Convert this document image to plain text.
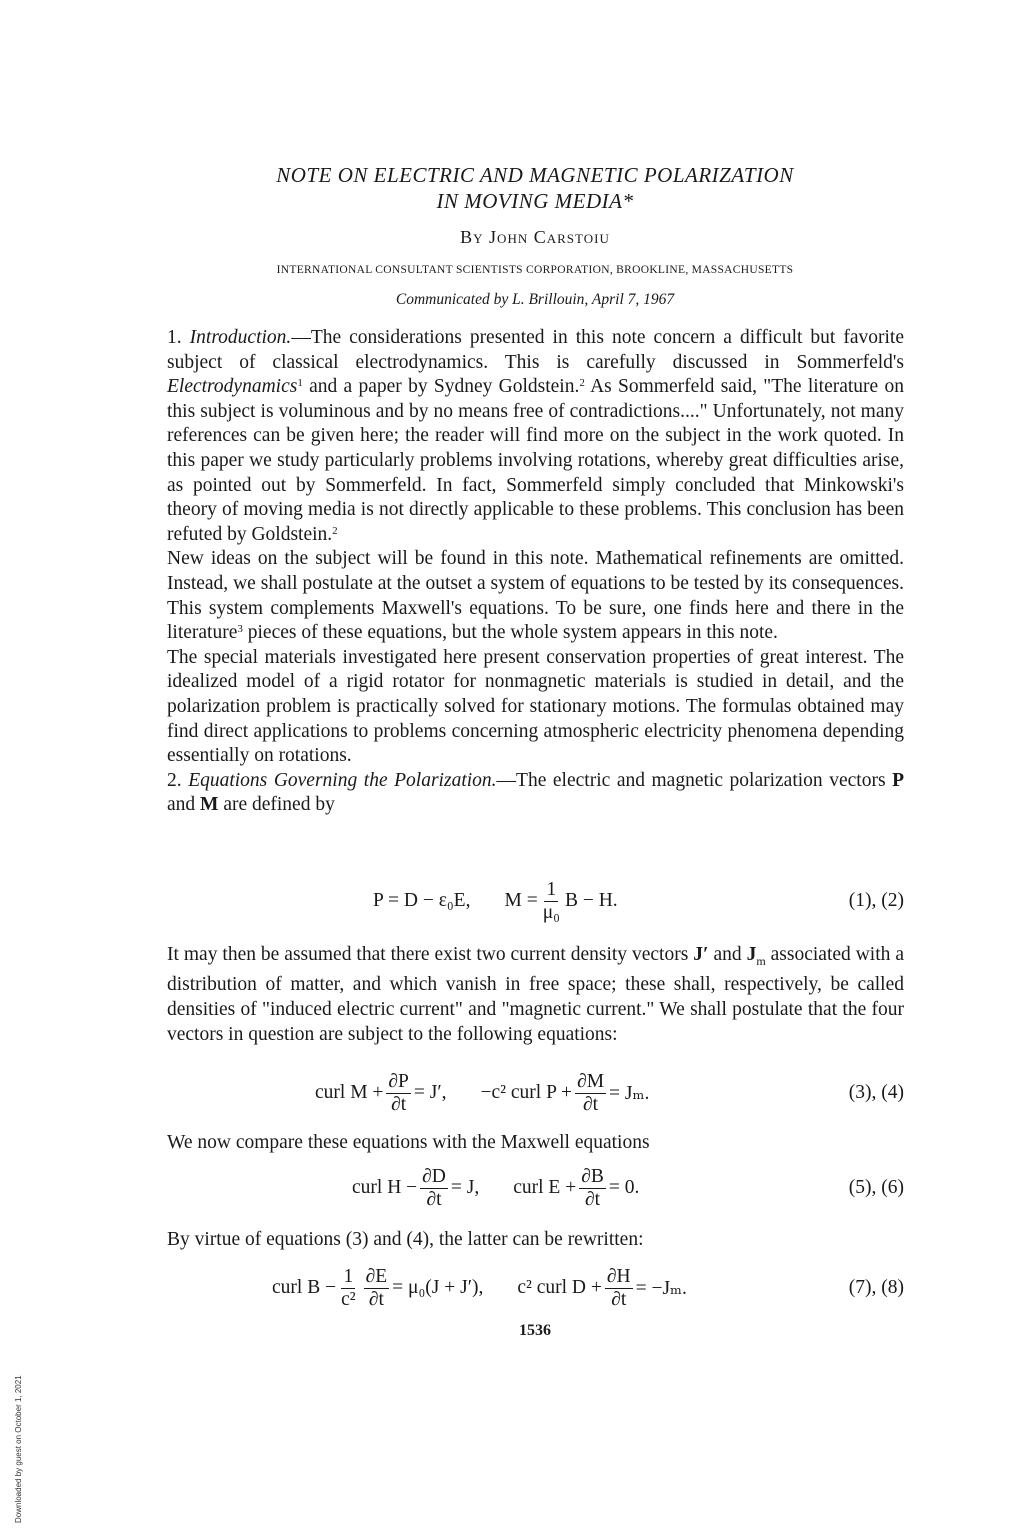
NOTE ON ELECTRIC AND MAGNETIC POLARIZATION
IN MOVING MEDIA*
By John Carstoiu
INTERNATIONAL CONSULTANT SCIENTISTS CORPORATION, BROOKLINE, MASSACHUSETTS
Communicated by L. Brillouin, April 7, 1967

1. Introduction.—The considerations presented in this note concern a difficult but favorite subject of classical electrodynamics. This is carefully discussed in Sommerfeld's Electrodynamics$^1$ and a paper by Sydney Goldstein.$^2$ As Sommerfeld said, "The literature on this subject is voluminous and by no means free of contradictions...." Unfortunately, not many references can be given here; the reader will find more on the subject in the work quoted. In this paper we study particularly problems involving rotations, whereby great difficulties arise, as pointed out by Sommerfeld. In fact, Sommerfeld simply concluded that Minkowski's theory of moving media is not directly applicable to these problems. This conclusion has been refuted by Goldstein.$^2$

New ideas on the subject will be found in this note. Mathematical refinements are omitted. Instead, we shall postulate at the outset a system of equations to be tested by its consequences. This system complements Maxwell's equations. To be sure, one finds here and there in the literature$^3$ pieces of these equations, but the whole system appears in this note.

The special materials investigated here present conservation properties of great interest. The idealized model of a rigid rotator for nonmagnetic materials is studied in detail, and the polarization problem is practically solved for stationary motions. The formulas obtained may find direct applications to problems concerning atmospheric electricity phenomena depending essentially on rotations.

2. Equations Governing the Polarization.—The electric and magnetic polarization vectors P and M are defined by

P = D − ε₀E, $M = \frac{1}{\text{μ₀}}$ B − H.	(1), (2)

It may then be assumed that there exist two current density vectors J′ and $J_m$ associated with a distribution of matter, and which vanish in free space; these shall, respectively, be called densities of "induced electric current" and "magnetic current." We shall postulate that the four vectors in question are subject to the following equations:

curl $M + \frac{\partial P}{\partial t} = J'$, −c² curl $P + \frac{\partial M}{\partial t} = J_m$.	(3), (4)

We now compare these equations with the Maxwell equations

curl $H - \frac{\partial D}{\partial t} = J$, curl $E + \frac{\partial B}{\partial t} = 0$.	(5), (6)

By virtue of equations (3) and (4), the latter can be rewritten:

curl $B - \frac{1}{\text{c²}} \frac{\partial E}{\partial t} = \mu_0(J + J')$, c² curl $D + \frac{\partial H}{\partial t} = -J_m$.	(7), (8)
1536
Downloaded by guest on October 1, 2021
